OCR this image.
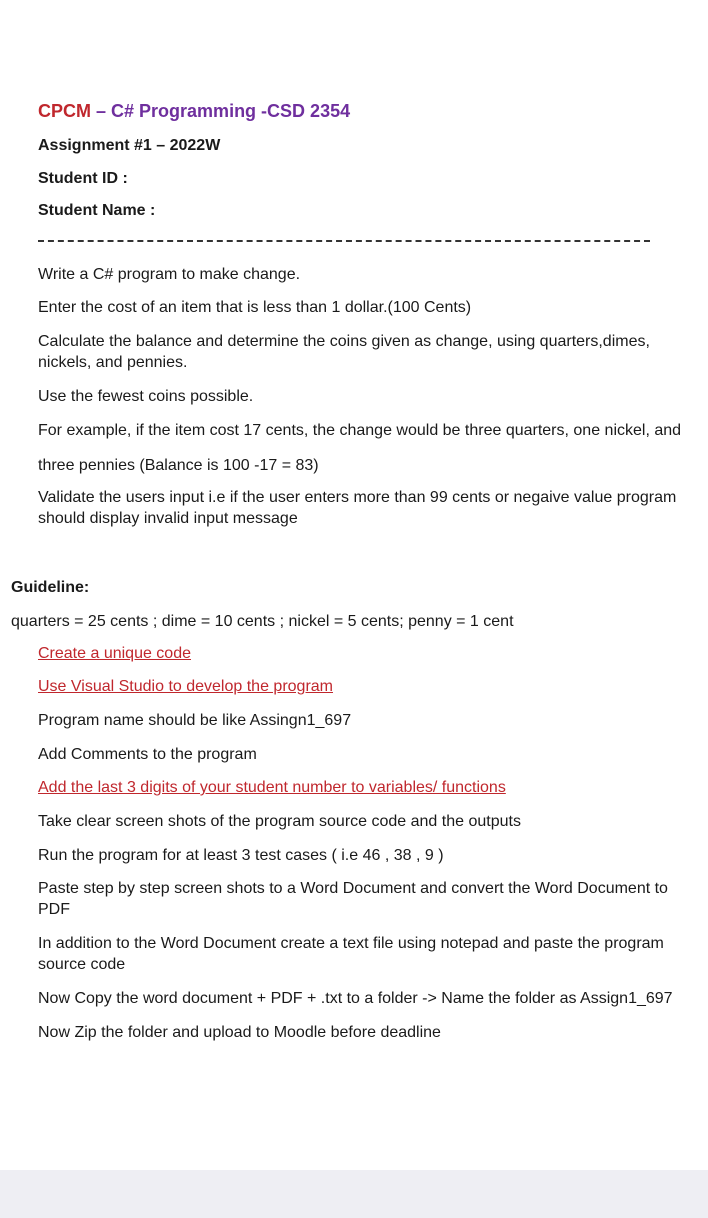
CPCM – C# Programming -CSD 2354
Assignment #1 – 2022W
Student ID :
Student Name :
Write a C# program to make change.
Enter the cost of an item that is less than 1 dollar.(100 Cents)
Calculate the balance and determine the coins given as change, using quarters,dimes, nickels, and pennies.
Use the fewest coins possible.
For example, if the item cost 17 cents, the change would be three quarters, one nickel, and
three pennies (Balance is 100 -17 = 83)
Validate the users input i.e if the user enters more than 99 cents or negaive value program should display invalid input message
Guideline:
quarters = 25 cents ; dime = 10 cents ; nickel = 5 cents; penny = 1 cent
Create a unique code
Use Visual Studio to develop the program
Program name should be like Assingn1_697
Add Comments to the program
Add the last 3 digits of your student number to variables/ functions
Take clear screen shots of the program source code and the outputs
Run the program for at least 3 test cases ( i.e 46 , 38 , 9 )
Paste step by step screen shots to a Word Document and convert the Word Document to PDF
In addition to the Word Document create a text file using notepad and paste the program source code
Now Copy the word document + PDF + .txt to a folder -> Name the folder as Assign1_697
Now Zip the folder and upload to Moodle before deadline
